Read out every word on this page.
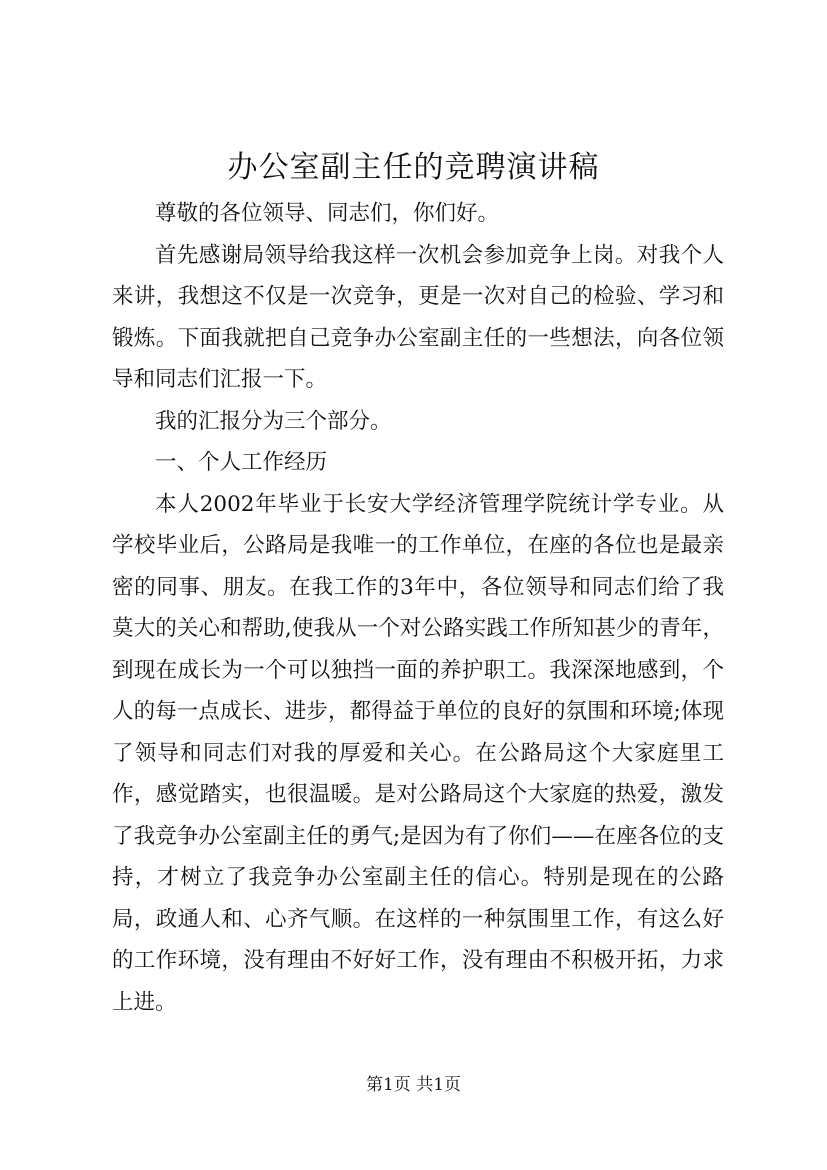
办公室副主任的竞聘演讲稿

尊敬的各位领导、同志们，你们好。

首先感谢局领导给我这样一次机会参加竞争上岗。对我个人来讲，我想这不仅是一次竞争，更是一次对自己的检验、学习和锻炼。下面我就把自己竞争办公室副主任的一些想法，向各位领导和同志们汇报一下。

我的汇报分为三个部分。

一、个人工作经历

本人2002年毕业于长安大学经济管理学院统计学专业。从学校毕业后，公路局是我唯一的工作单位，在座的各位也是最亲密的同事、朋友。在我工作的3年中，各位领导和同志们给了我莫大的关心和帮助,使我从一个对公路实践工作所知甚少的青年，到现在成长为一个可以独挡一面的养护职工。我深深地感到，个人的每一点成长、进步，都得益于单位的良好的氛围和环境;体现了领导和同志们对我的厚爱和关心。在公路局这个大家庭里工作，感觉踏实，也很温暖。是对公路局这个大家庭的热爱，激发了我竞争办公室副主任的勇气;是因为有了你们——在座各位的支持，才树立了我竞争办公室副主任的信心。特别是现在的公路局，政通人和、心齐气顺。在这样的一种氛围里工作，有这么好的工作环境，没有理由不好好工作，没有理由不积极开拓，力求上进。

第1页 共1页
